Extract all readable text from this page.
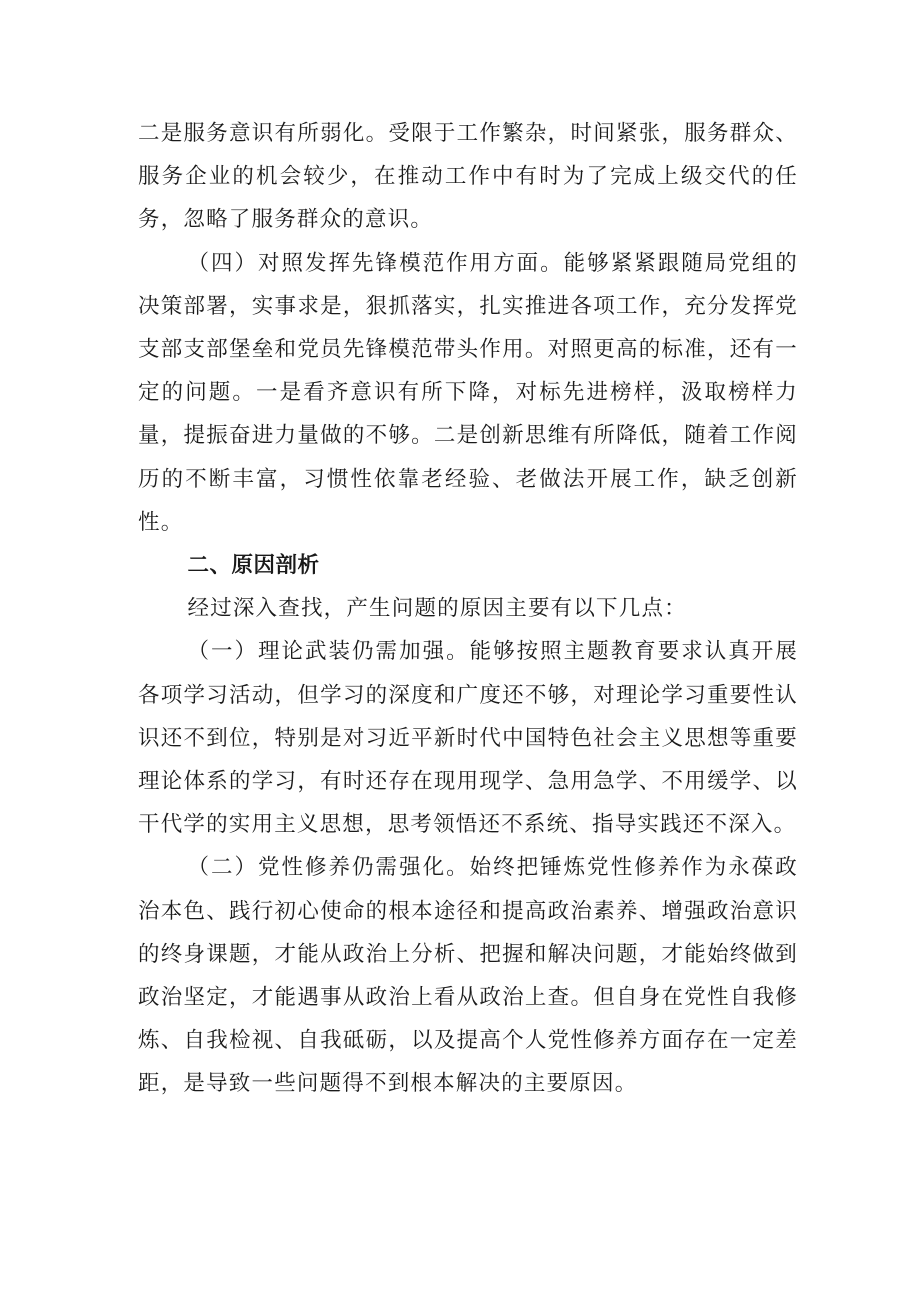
二是服务意识有所弱化。受限于工作繁杂，时间紧张，服务群众、服务企业的机会较少，在推动工作中有时为了完成上级交代的任务，忽略了服务群众的意识。

（四）对照发挥先锋模范作用方面。能够紧紧跟随局党组的决策部署，实事求是，狠抓落实，扎实推进各项工作，充分发挥党支部支部堡垒和党员先锋模范带头作用。对照更高的标准，还有一定的问题。一是看齐意识有所下降，对标先进榜样，汲取榜样力量，提振奋进力量做的不够。二是创新思维有所降低，随着工作阅历的不断丰富，习惯性依靠老经验、老做法开展工作，缺乏创新性。

二、原因剖析

经过深入查找，产生问题的原因主要有以下几点：

（一）理论武装仍需加强。能够按照主题教育要求认真开展各项学习活动，但学习的深度和广度还不够，对理论学习重要性认识还不到位，特别是对习近平新时代中国特色社会主义思想等重要理论体系的学习，有时还存在现用现学、急用急学、不用缓学、以干代学的实用主义思想，思考领悟还不系统、指导实践还不深入。

（二）党性修养仍需强化。始终把锤炼党性修养作为永葆政治本色、践行初心使命的根本途径和提高政治素养、增强政治意识的终身课题，才能从政治上分析、把握和解决问题，才能始终做到政治坚定，才能遇事从政治上看从政治上查。但自身在党性自我修炼、自我检视、自我砥砺，以及提高个人党性修养方面存在一定差距，是导致一些问题得不到根本解决的主要原因。
